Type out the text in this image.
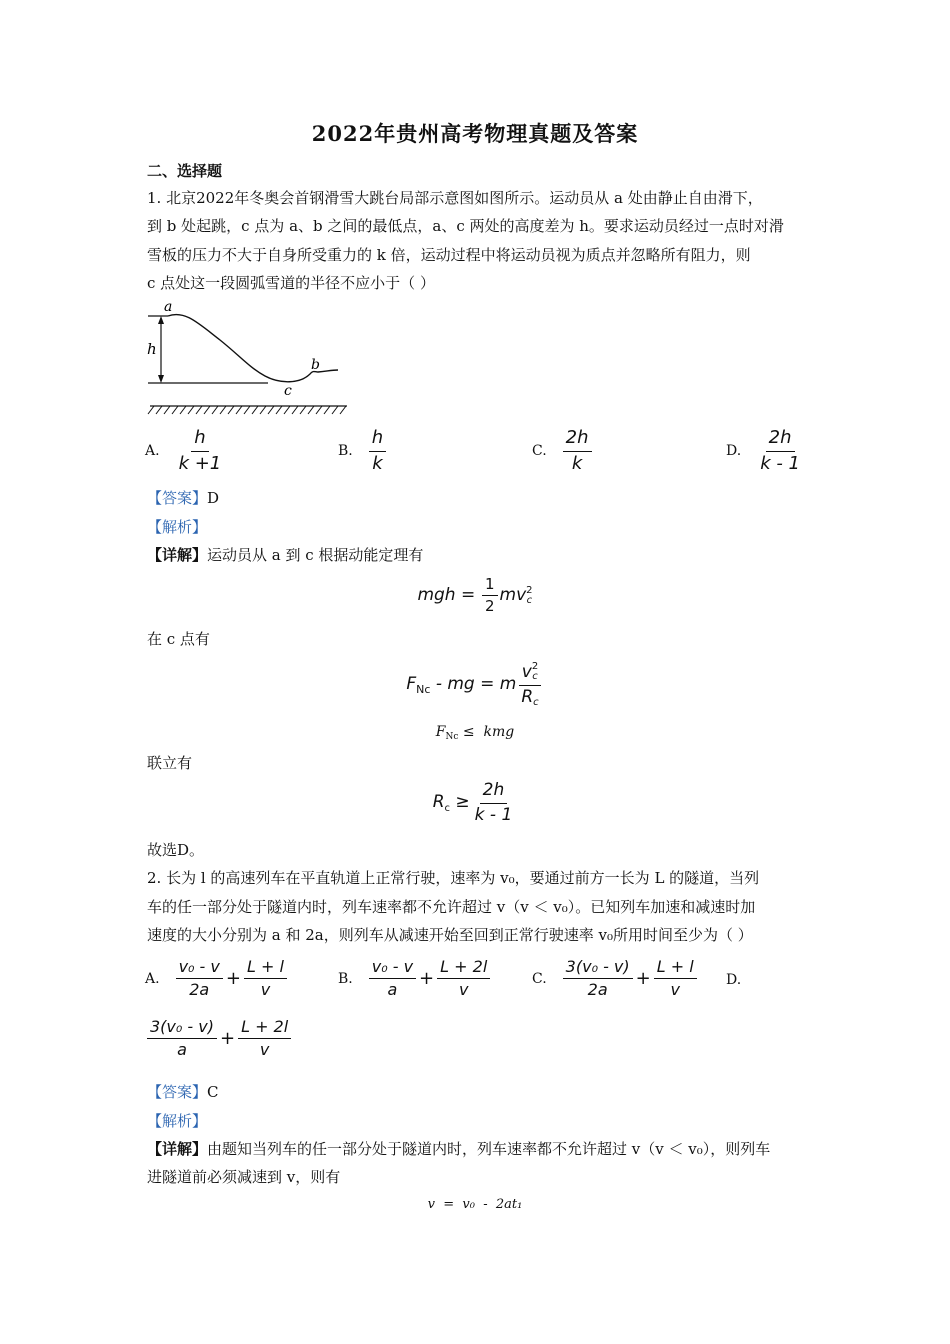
2022年贵州高考物理真题及答案
二、选择题
1. 北京2022年冬奥会首钢滑雪大跳台局部示意图如图所示。运动员从 a 处由静止自由滑下，
到 b 处起跳，c 点为 a、b 之间的最低点，a、c 两处的高度差为 h。要求运动员经过一点时对滑
雪板的压力不大于自身所受重力的 k 倍，运动过程中将运动员视为质点并忽略所有阻力，则
c 点处这一段圆弧雪道的半径不应小于（ ）
a
h
b
c
A. $\frac{h}{k +1}$	B. $\frac{h}{k}$	C. $\frac{2h}{k}$	D. $\frac{2h}{k - 1}$
【答案】D
【解析】
【详解】运动员从 a 到 c 根据动能定理有
mgh = $\frac{1}{2}$ mv 2
c
在 c 点有
$F_{Nc}$ - mg = m v 2
c
Rc
$F_{Nc}$ ≤  kmg
联立有
$R_c \ge \frac{2h}{k - 1}$
故选D。
2. 长为 l 的高速列车在平直轨道上正常行驶，速率为 v₀，要通过前方一长为 L 的隧道，当列
车的任一部分处于隧道内时，列车速率都不允许超过 v（v ＜ v₀）。已知列车加速和减速时加
速度的大小分别为 a 和 2a，则列车从减速开始至回到正常行驶速率 v₀所用时间至少为（ ）
A. $\frac{\text{v₀ - v}}{2a} + \frac{L + l}{v}$	B. $\frac{\text{v₀ - v}}{a} + \frac{L + 2l}{v}$	C. $\frac{\text{3(v₀ - v)}}{2a} + \frac{L + l}{v} D$.
$\frac{\text{3(v₀ - v)}}{a} + \frac{L + 2l}{v}$
【答案】C
【解析】
【详解】由题知当列车的任一部分处于隧道内时，列车速率都不允许超过 v（v ＜ v₀），则列车
进隧道前必须减速到 v，则有
v  =  v₀  -  2at₁
